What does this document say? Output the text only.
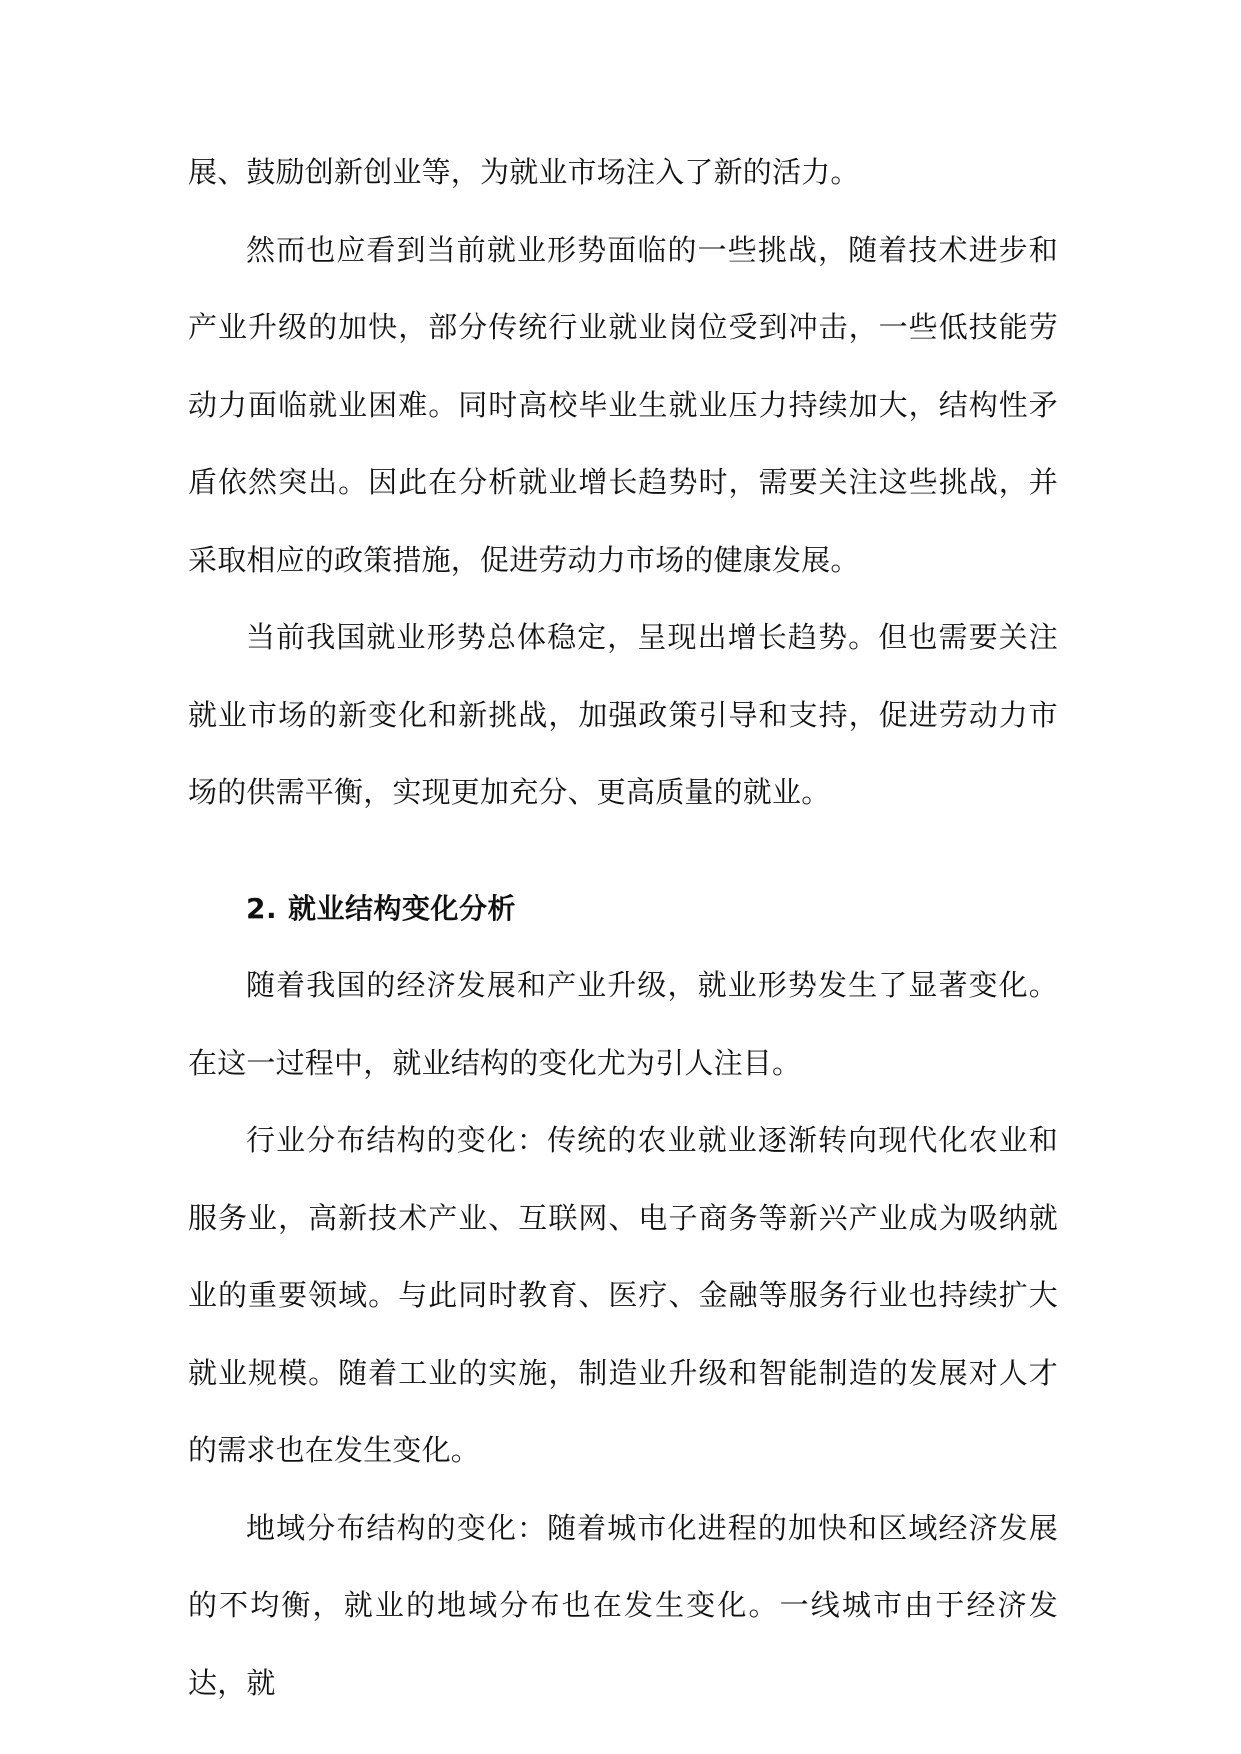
展、鼓励创新创业等，为就业市场注入了新的活力。

然而也应看到当前就业形势面临的一些挑战，随着技术进步和产业升级的加快，部分传统行业就业岗位受到冲击，一些低技能劳动力面临就业困难。同时高校毕业生就业压力持续加大，结构性矛盾依然突出。因此在分析就业增长趋势时，需要关注这些挑战，并采取相应的政策措施，促进劳动力市场的健康发展。

当前我国就业形势总体稳定，呈现出增长趋势。但也需要关注就业市场的新变化和新挑战，加强政策引导和支持，促进劳动力市场的供需平衡，实现更加充分、更高质量的就业。

2. 就业结构变化分析

随着我国的经济发展和产业升级，就业形势发生了显著变化。在这一过程中，就业结构的变化尤为引人注目。

行业分布结构的变化：传统的农业就业逐渐转向现代化农业和服务业，高新技术产业、互联网、电子商务等新兴产业成为吸纳就业的重要领域。与此同时教育、医疗、金融等服务行业也持续扩大就业规模。随着工业的实施，制造业升级和智能制造的发展对人才的需求也在发生变化。

地域分布结构的变化：随着城市化进程的加快和区域经济发展的不均衡，就业的地域分布也在发生变化。一线城市由于经济发达，就
